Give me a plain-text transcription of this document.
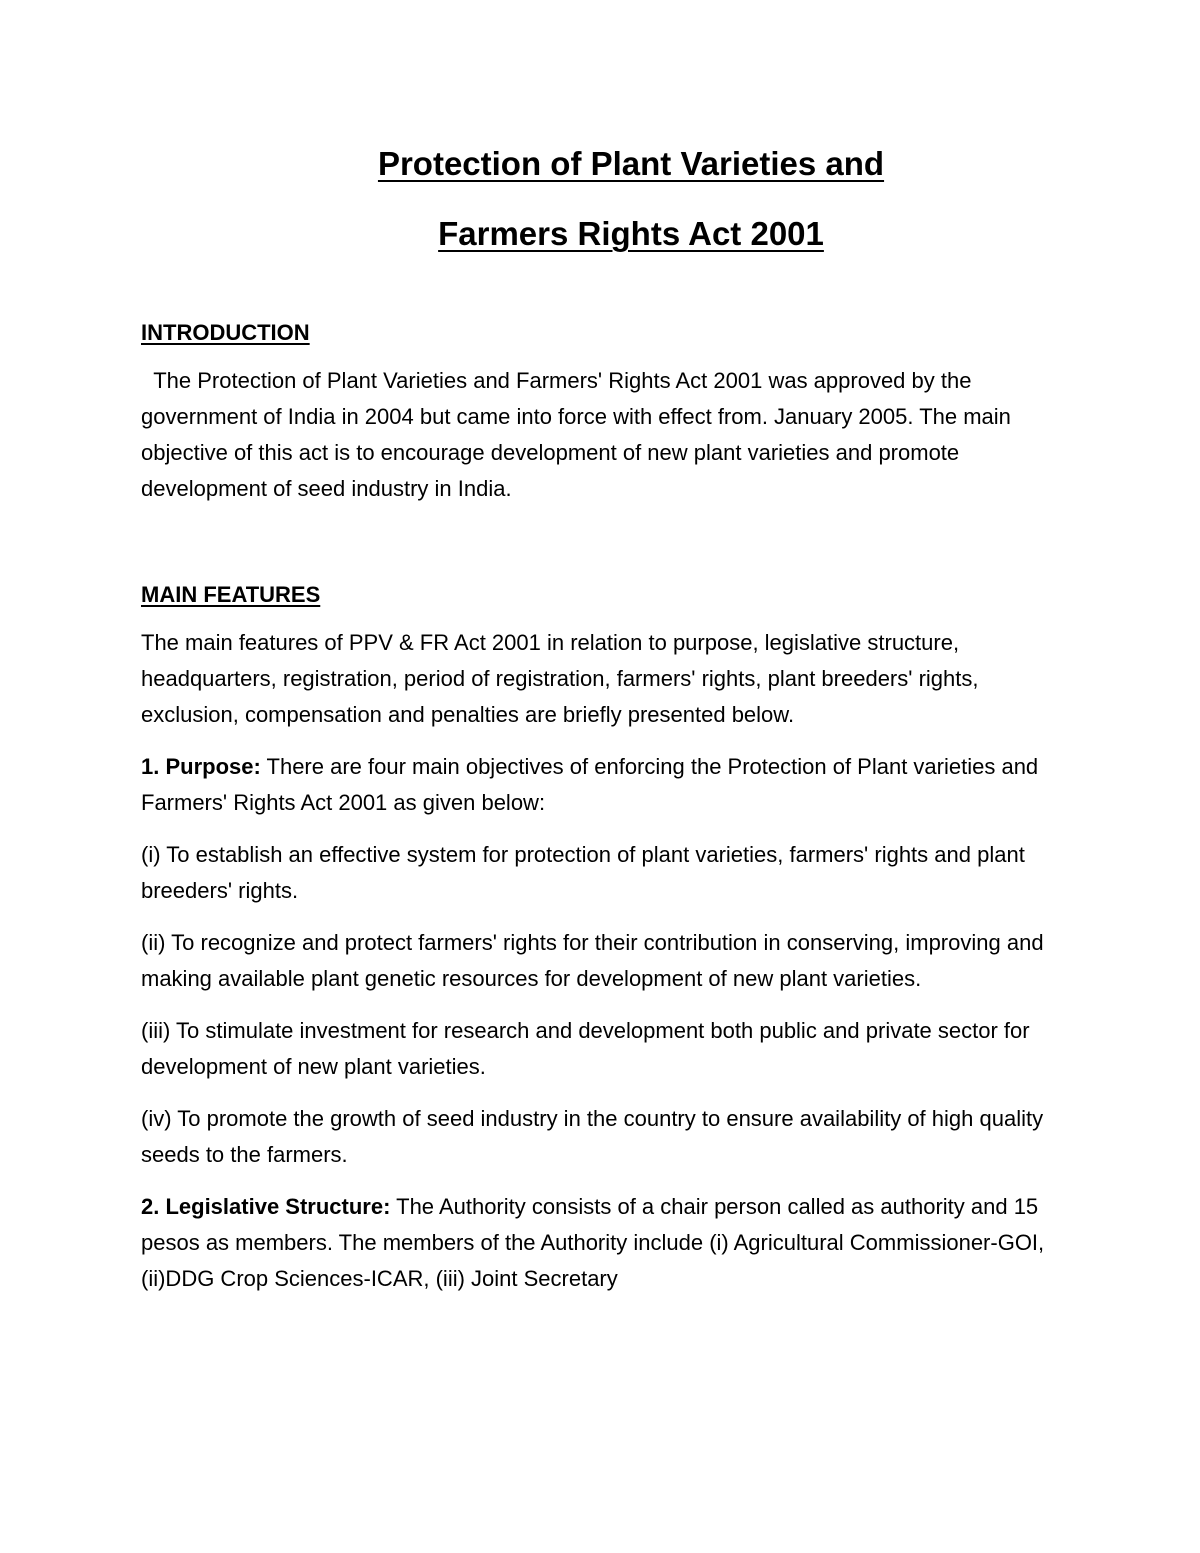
Protection of Plant Varieties and
Farmers Rights Act 2001
INTRODUCTION

The Protection of Plant Varieties and Farmers' Rights Act 2001 was approved by the government of India in 2004 but came into force with effect from. January 2005. The main objective of this act is to encourage development of new plant varieties and promote development of seed industry in India.

MAIN FEATURES

The main features of PPV & FR Act 2001 in relation to purpose, legislative structure, headquarters, registration, period of registration, farmers' rights, plant breeders' rights, exclusion, compensation and penalties are briefly presented below.

1. Purpose: There are four main objectives of enforcing the Protection of Plant varieties and Farmers' Rights Act 2001 as given below:

(i) To establish an effective system for protection of plant varieties, farmers' rights and plant breeders' rights.

(ii) To recognize and protect farmers' rights for their contribution in conserving, improving and making available plant genetic resources for development of new plant varieties.

(iii) To stimulate investment for research and development both public and private sector for development of new plant varieties.

(iv) To promote the growth of seed industry in the country to ensure availability of high quality seeds to the farmers.

2. Legislative Structure: The Authority consists of a chair person called as authority and 15 pesos as members. The members of the Authority include (i) Agricultural Commissioner-GOI, (ii)DDG Crop Sciences-ICAR, (iii) Joint Secretary
